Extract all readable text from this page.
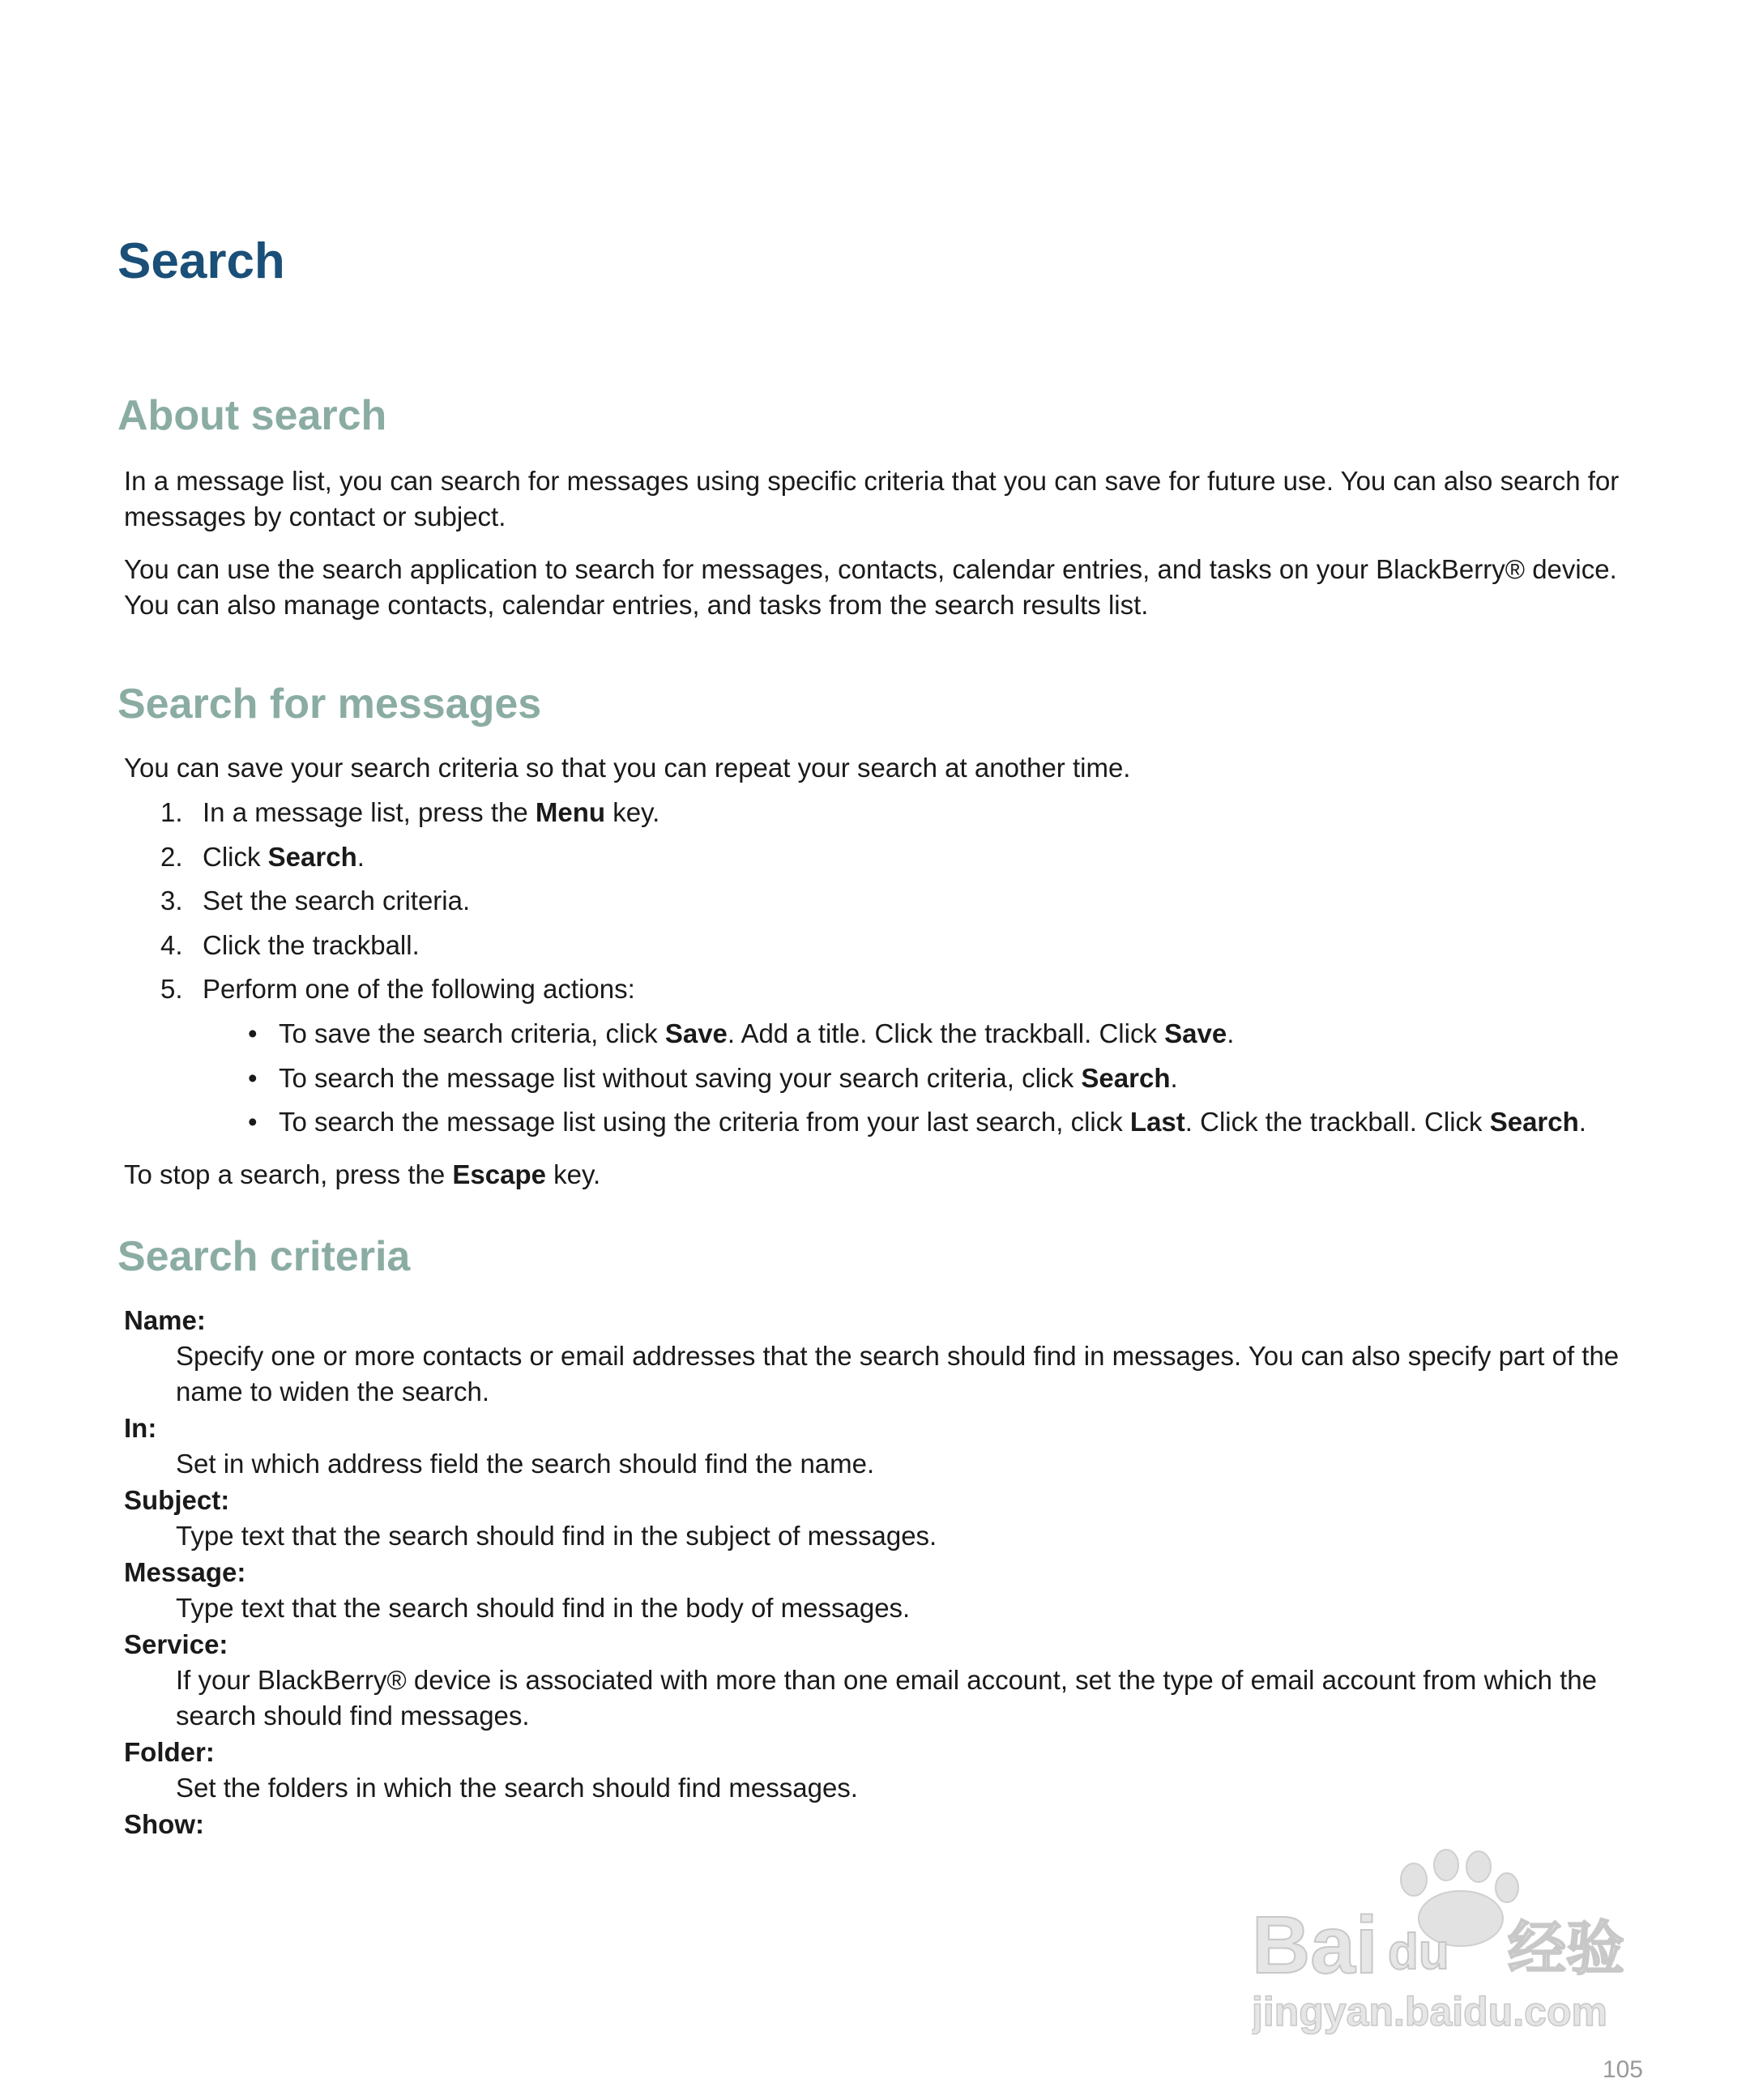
Search
About search

In a message list, you can search for messages using specific criteria that you can save for future use. You can also search for messages by contact or subject.

You can use the search application to search for messages, contacts, calendar entries, and tasks on your BlackBerry® device. You can also manage contacts, calendar entries, and tasks from the search results list.

Search for messages

You can save your search criteria so that you can repeat your search at another time.

1. In a message list, press the Menu key.
2. Click Search.
3. Set the search criteria.
4. Click the trackball.
5. Perform one of the following actions:
• To save the search criteria, click Save. Add a title. Click the trackball. Click Save.
• To search the message list without saving your search criteria, click Search.
• To search the message list using the criteria from your last search, click Last. Click the trackball. Click Search.

To stop a search, press the Escape key.

Search criteria
Name:
Specify one or more contacts or email addresses that the search should find in messages. You can also specify part of the name to widen the search.
In:
Set in which address field the search should find the name.
Subject:
Type text that the search should find in the subject of messages.
Message:
Type text that the search should find in the body of messages.
Service:
If your BlackBerry® device is associated with more than one email account, set the type of email account from which the search should find messages.
Folder:
Set the folders in which the search should find messages.
Show:
Bai du 经验
jingyan.baidu.com
105
